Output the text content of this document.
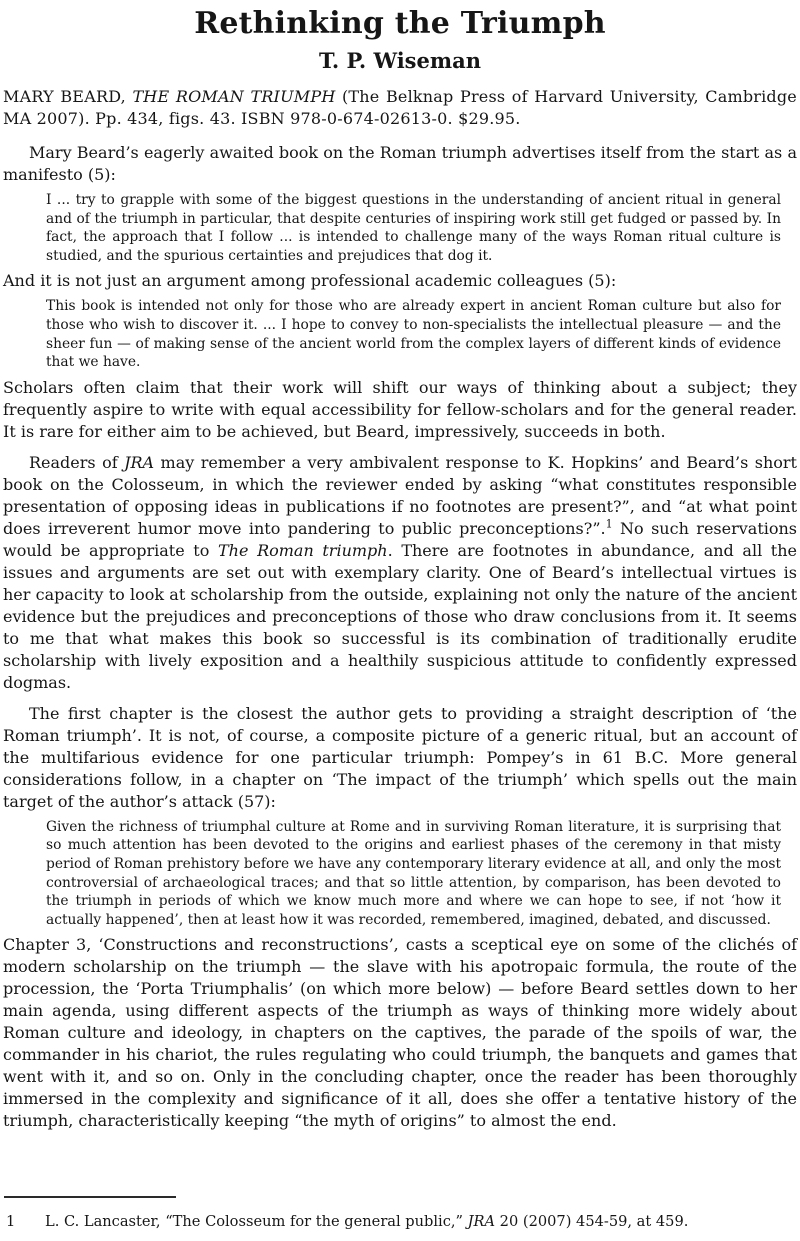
Rethinking the Triumph
T. P. Wiseman

MARY BEARD, THE ROMAN TRIUMPH (The Belknap Press of Harvard University, Cambridge MA 2007). Pp. 434, figs. 43. ISBN 978-0-674-02613-0. $29.95.

Mary Beard’s eagerly awaited book on the Roman triumph advertises itself from the start as a manifesto (5):

I ... try to grapple with some of the biggest questions in the understanding of ancient ritual in general and of the triumph in particular, that despite centuries of inspiring work still get fudged or passed by. In fact, the approach that I follow ... is intended to challenge many of the ways Roman ritual culture is studied, and the spurious certainties and prejudices that dog it.

And it is not just an argument among professional academic colleagues (5):

This book is intended not only for those who are already expert in ancient Roman culture but also for those who wish to discover it. ... I hope to convey to non-specialists the intellectual pleasure — and the sheer fun — of making sense of the ancient world from the complex layers of different kinds of evidence that we have.

Scholars often claim that their work will shift our ways of thinking about a subject; they frequently aspire to write with equal accessibility for fellow-scholars and for the general reader. It is rare for either aim to be achieved, but Beard, impressively, succeeds in both.

Readers of JRA may remember a very ambivalent response to K. Hopkins’ and Beard’s short book on the Colosseum, in which the reviewer ended by asking “what constitutes responsible presentation of opposing ideas in publications if no footnotes are present?”, and “at what point does irreverent humor move into pandering to public preconceptions?”.$^1$ No such reservations would be appropriate to The Roman triumph. There are footnotes in abundance, and all the issues and arguments are set out with exemplary clarity. One of Beard’s intellectual virtues is her capacity to look at scholarship from the outside, explaining not only the nature of the ancient evidence but the prejudices and preconceptions of those who draw conclusions from it. It seems to me that what makes this book so successful is its combination of traditionally erudite scholarship with lively exposition and a healthily suspicious attitude to confidently expressed dogmas.

The first chapter is the closest the author gets to providing a straight description of ‘the Roman triumph’. It is not, of course, a composite picture of a generic ritual, but an account of the multifarious evidence for one particular triumph: Pompey’s in 61 B.C. More general considerations follow, in a chapter on ‘The impact of the triumph’ which spells out the main target of the author’s attack (57):

Given the richness of triumphal culture at Rome and in surviving Roman literature, it is surprising that so much attention has been devoted to the origins and earliest phases of the ceremony in that misty period of Roman prehistory before we have any contemporary literary evidence at all, and only the most controversial of archaeological traces; and that so little attention, by comparison, has been devoted to the triumph in periods of which we know much more and where we can hope to see, if not ‘how it actually happened’, then at least how it was recorded, remembered, imagined, debated, and discussed.

Chapter 3, ‘Constructions and reconstructions’, casts a sceptical eye on some of the clichés of modern scholarship on the triumph — the slave with his apotropaic formula, the route of the procession, the ‘Porta Triumphalis’ (on which more below) — before Beard settles down to her main agenda, using different aspects of the triumph as ways of thinking more widely about Roman culture and ideology, in chapters on the captives, the parade of the spoils of war, the commander in his chariot, the rules regulating who could triumph, the banquets and games that went with it, and so on. Only in the concluding chapter, once the reader has been thoroughly immersed in the complexity and significance of it all, does she offer a tentative history of the triumph, characteristically keeping “the myth of origins” to almost the end.

1	L. C. Lancaster, “The Colosseum for the general public,” JRA 20 (2007) 454-59, at 459.
